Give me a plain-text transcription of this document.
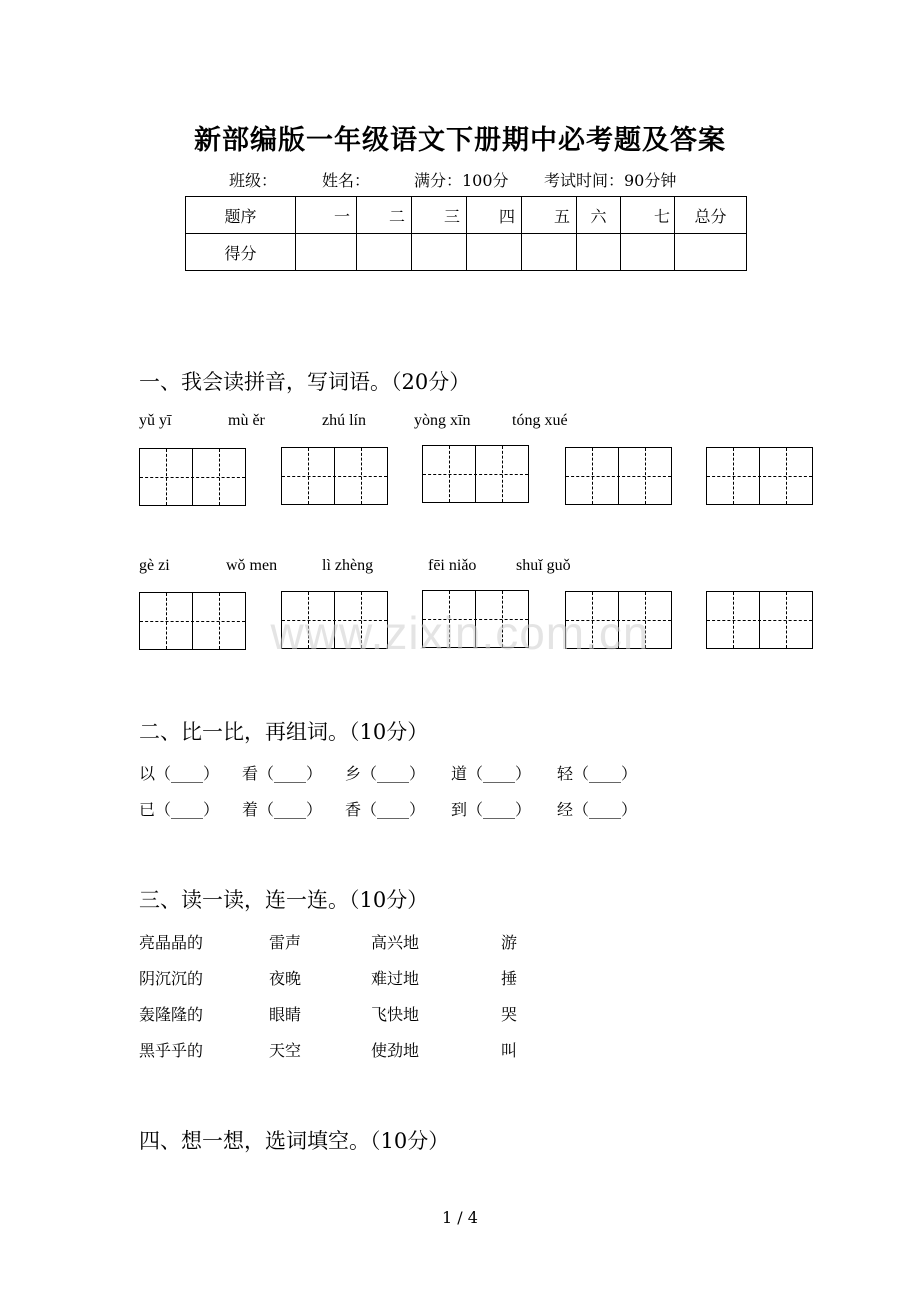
新部编版一年级语文下册期中必考题及答案
班级：	姓名：	满分：100分 考试时间：90分钟
题序	一	二	三	四	五	六	七	总分
得分								
一、我会读拼音，写词语。（20分）
yǔ yī	mù ěr	zhú lín	yòng xīn	tóng xué
gè zi	wǒ men	lì zhèng	fēi niǎo shuǐ guǒ
www.zixin.com.cn
二、比一比，再组词。（10分）
以（____） 看（____） 乡（____） 道（____） 轻（____）
已（____） 着（____） 香（____） 到（____） 经（____）
三、读一读，连一连。（10分）
亮晶晶的	雷声	高兴地	游
阴沉沉的	夜晚	难过地	捶
轰隆隆的	眼睛	飞快地	哭
黑乎乎的	天空	使劲地	叫
四、想一想，选词填空。（10分）
1 / 4
